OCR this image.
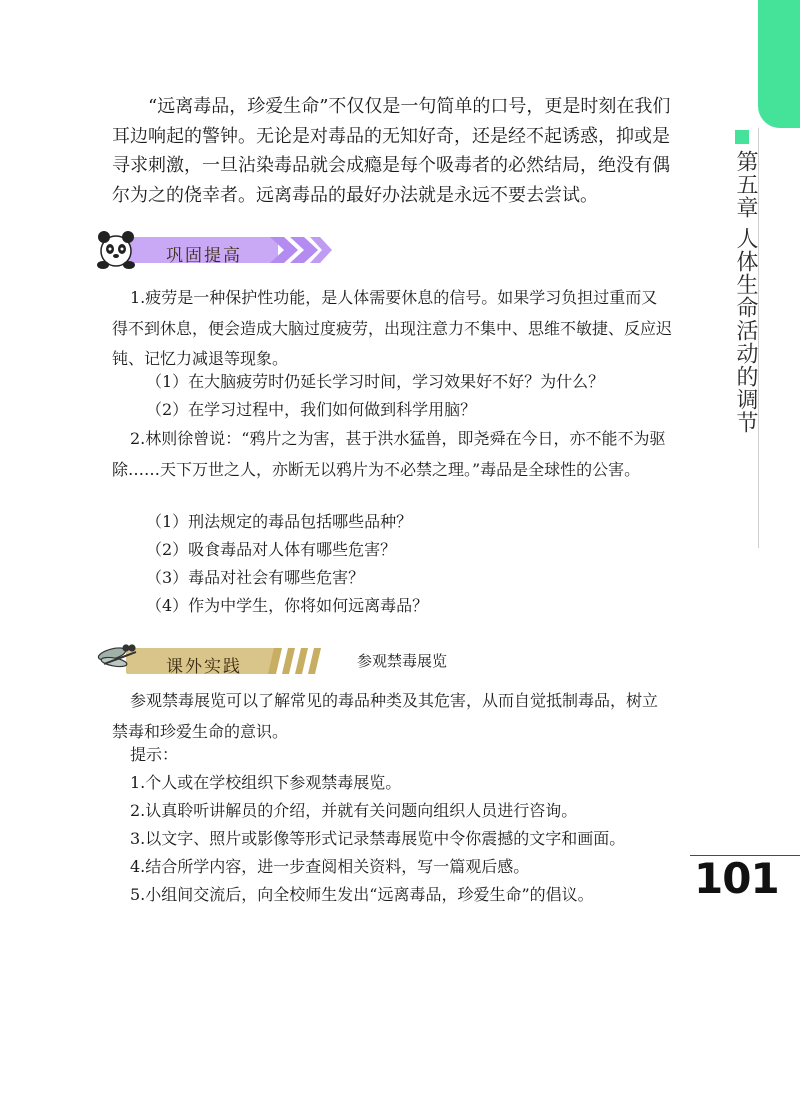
第五章 人体生命活动的调节

“远离毒品，珍爱生命”不仅仅是一句简单的口号，更是时刻在我们耳边响起的警钟。无论是对毒品的无知好奇，还是经不起诱惑，抑或是寻求刺激，一旦沾染毒品就会成瘾是每个吸毒者的必然结局，绝没有偶尔为之的侥幸者。远离毒品的最好办法就是永远不要去尝试。

巩固提高

1.疲劳是一种保护性功能，是人体需要休息的信号。如果学习负担过重而又得不到休息，便会造成大脑过度疲劳，出现注意力不集中、思维不敏捷、反应迟钝、记忆力减退等现象。

（1）在大脑疲劳时仍延长学习时间，学习效果好不好？为什么？
（2）在学习过程中，我们如何做到科学用脑？

2.林则徐曾说：“鸦片之为害，甚于洪水猛兽，即尧舜在今日，亦不能不为驱除……天下万世之人，亦断无以鸦片为不必禁之理。”毒品是全球性的公害。

（1）刑法规定的毒品包括哪些品种？
（2）吸食毒品对人体有哪些危害？
（3）毒品对社会有哪些危害？
（4）作为中学生，你将如何远离毒品？
课外实践	参观禁毒展览

参观禁毒展览可以了解常见的毒品种类及其危害，从而自觉抵制毒品，树立禁毒和珍爱生命的意识。

提示：
1.个人或在学校组织下参观禁毒展览。
2.认真聆听讲解员的介绍，并就有关问题向组织人员进行咨询。
3.以文字、照片或影像等形式记录禁毒展览中令你震撼的文字和画面。
4.结合所学内容，进一步查阅相关资料，写一篇观后感。
5.小组间交流后，向全校师生发出“远离毒品，珍爱生命”的倡议。 101
